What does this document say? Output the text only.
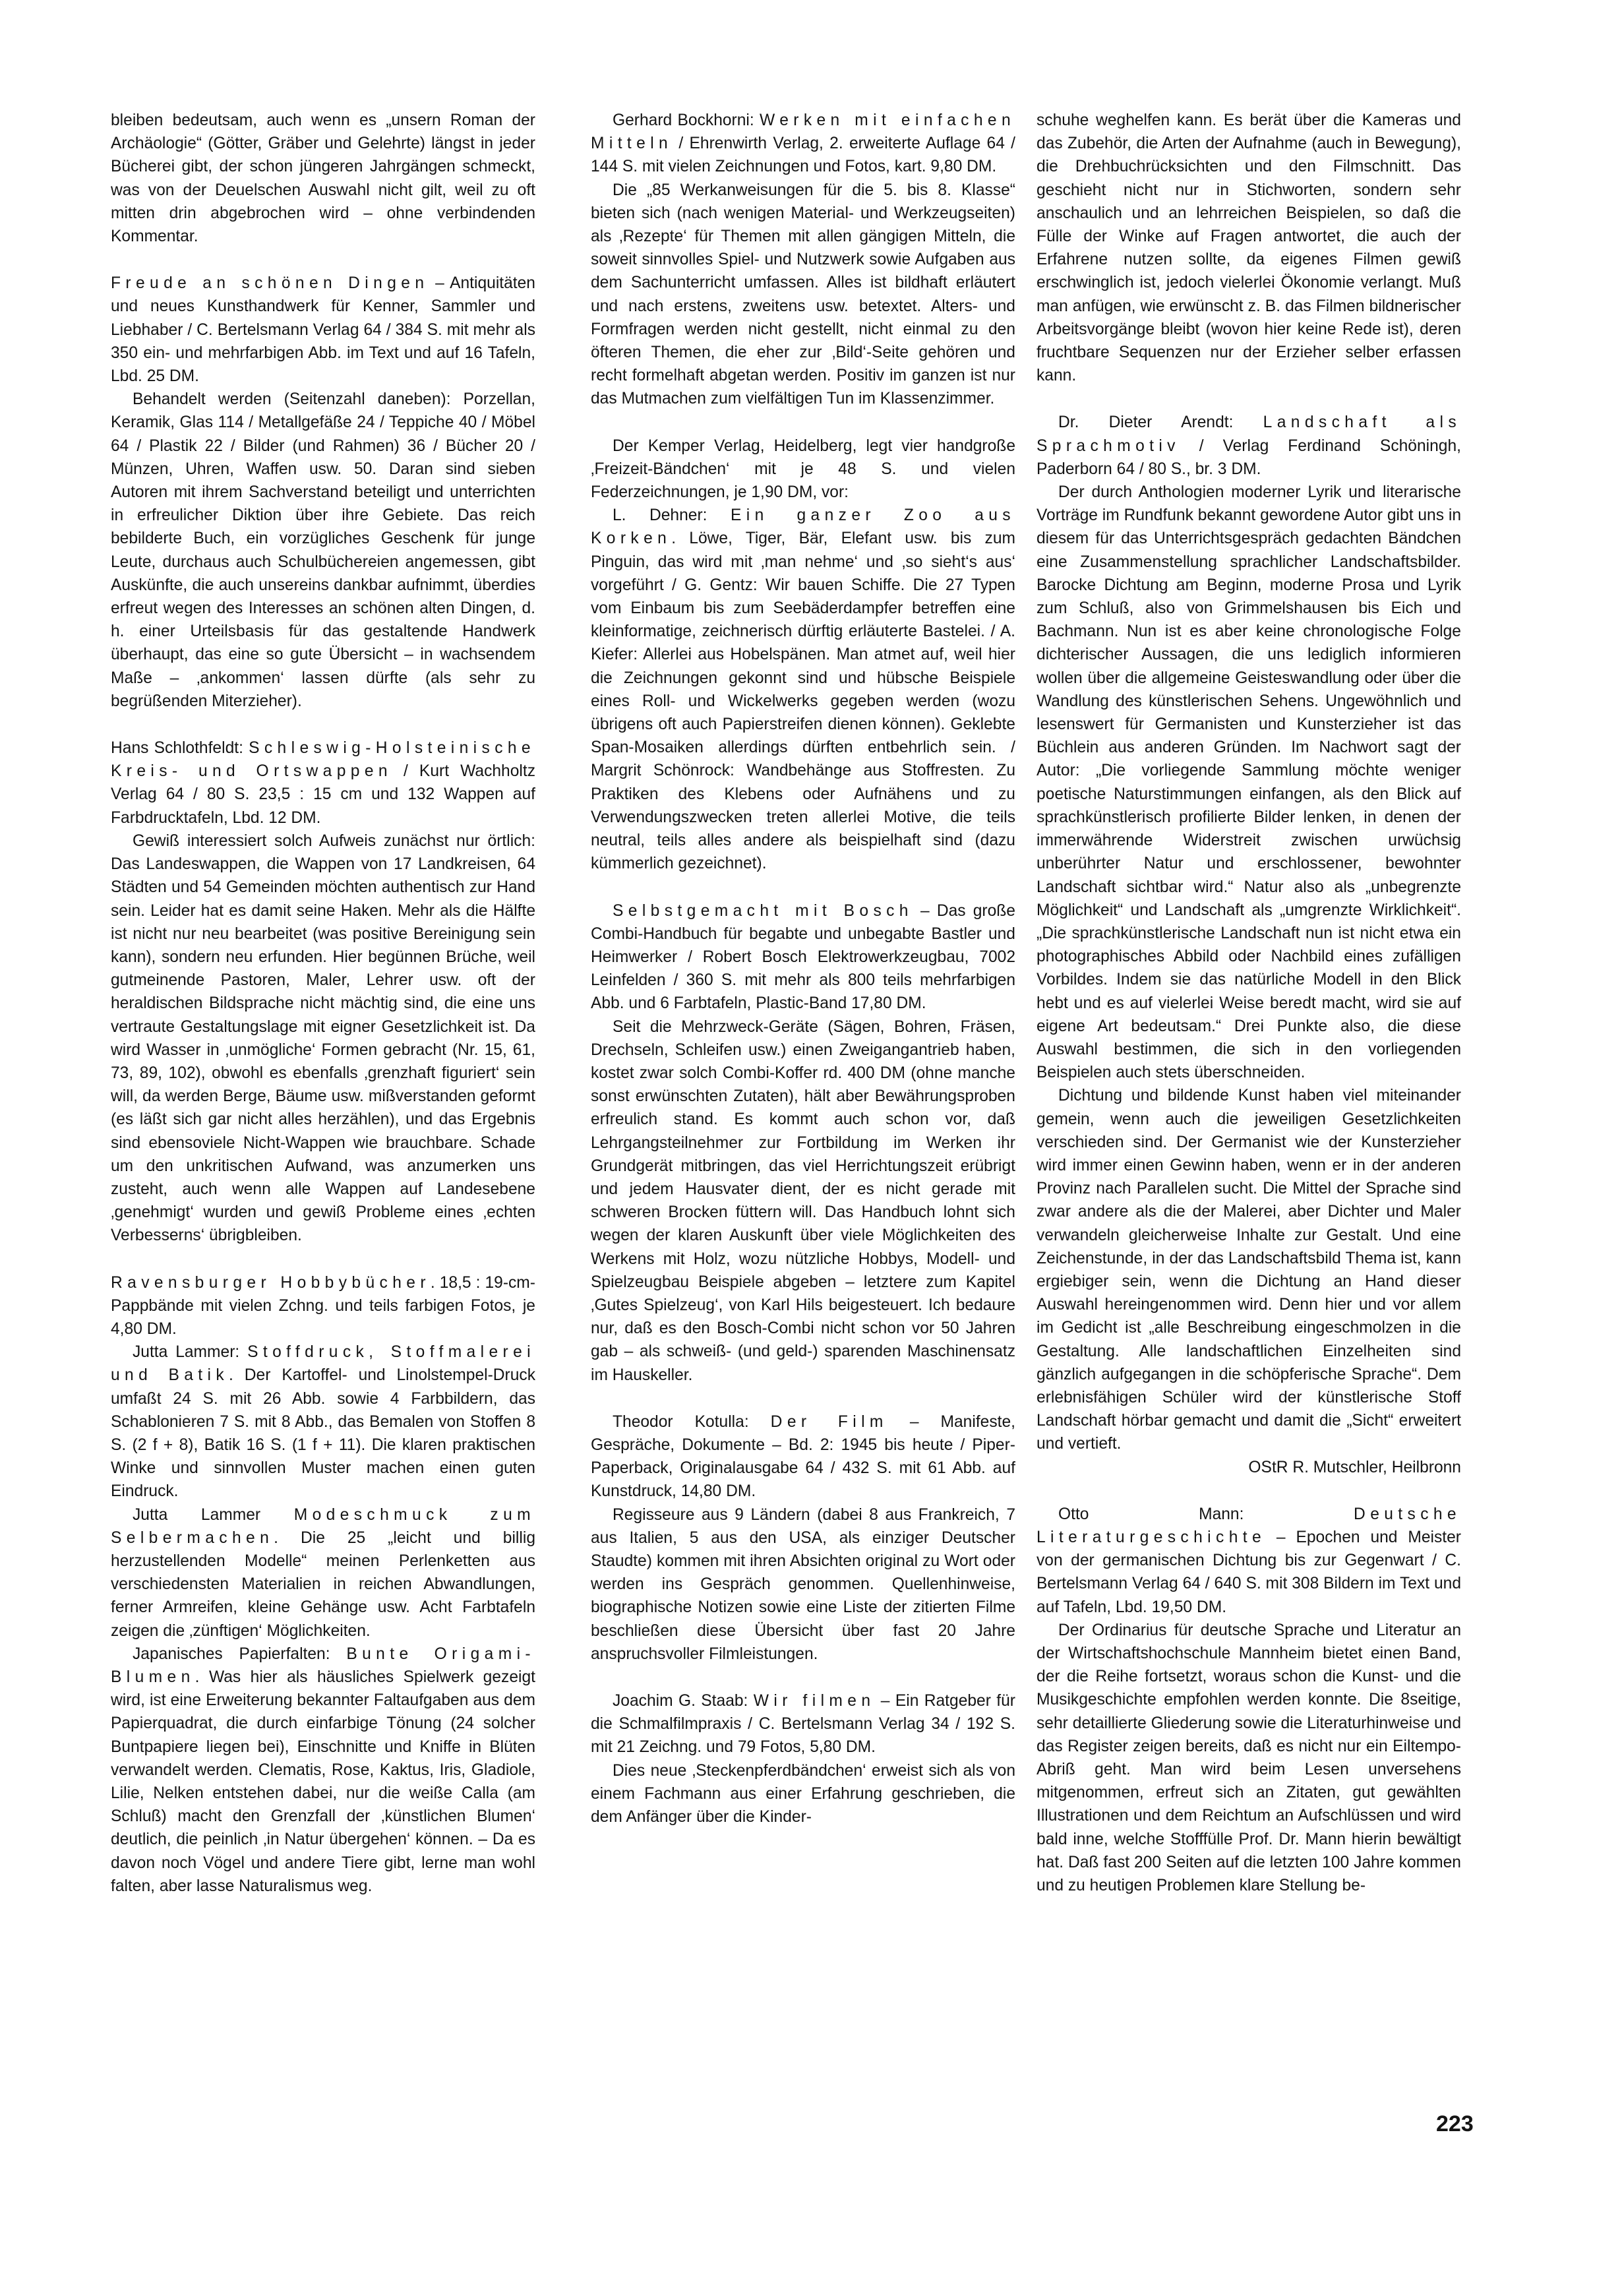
bleiben bedeutsam, auch wenn es „unsern Roman der Archäologie“ (Götter, Gräber und Gelehrte) längst in jeder Bücherei gibt, der schon jüngeren Jahrgängen schmeckt, was von der Deuelschen Auswahl nicht gilt, weil zu oft mitten drin abgebrochen wird – ohne verbindenden Kommentar.

Freude an schönen Dingen – Antiquitäten und neues Kunsthandwerk für Kenner, Sammler und Liebhaber / C. Bertelsmann Verlag 64 / 384 S. mit mehr als 350 ein- und mehrfarbigen Abb. im Text und auf 16 Tafeln, Lbd. 25 DM.

Behandelt werden (Seitenzahl daneben): Porzellan, Keramik, Glas 114 / Metallgefäße 24 / Teppiche 40 / Möbel 64 / Plastik 22 / Bilder (und Rahmen) 36 / Bücher 20 / Münzen, Uhren, Waffen usw. 50. Daran sind sieben Autoren mit ihrem Sachverstand beteiligt und unterrichten in erfreulicher Diktion über ihre Gebiete. Das reich bebilderte Buch, ein vorzügliches Geschenk für junge Leute, durchaus auch Schulbüchereien angemessen, gibt Auskünfte, die auch unsereins dankbar aufnimmt, überdies erfreut wegen des Interesses an schönen alten Dingen, d. h. einer Urteilsbasis für das gestaltende Handwerk überhaupt, das eine so gute Übersicht – in wachsendem Maße – ‚ankommen‘ lassen dürfte (als sehr zu begrüßenden Miterzieher).

Hans Schlothfeldt: Schleswig-Holsteinische Kreis- und Ortswappen / Kurt Wachholtz Verlag 64 / 80 S. 23,5 : 15 cm und 132 Wappen auf Farbdrucktafeln, Lbd. 12 DM.

Gewiß interessiert solch Aufweis zunächst nur örtlich: Das Landeswappen, die Wappen von 17 Landkreisen, 64 Städten und 54 Gemeinden möchten authentisch zur Hand sein. Leider hat es damit seine Haken. Mehr als die Hälfte ist nicht nur neu bearbeitet (was positive Bereinigung sein kann), sondern neu erfunden. Hier begünnen Brüche, weil gutmeinende Pastoren, Maler, Lehrer usw. oft der heraldischen Bildsprache nicht mächtig sind, die eine uns vertraute Gestaltungslage mit eigner Gesetzlichkeit ist. Da wird Wasser in ‚unmögliche‘ Formen gebracht (Nr. 15, 61, 73, 89, 102), obwohl es ebenfalls ‚grenzhaft figuriert‘ sein will, da werden Berge, Bäume usw. mißverstanden geformt (es läßt sich gar nicht alles herzählen), und das Ergebnis sind ebensoviele Nicht-Wappen wie brauchbare. Schade um den unkritischen Aufwand, was anzumerken uns zusteht, auch wenn alle Wappen auf Landesebene ‚genehmigt‘ wurden und gewiß Probleme eines ‚echten Verbesserns‘ übrigbleiben.

Ravensburger Hobbybücher. 18,5 : 19-cm-Pappbände mit vielen Zchng. und teils farbigen Fotos, je 4,80 DM.

Jutta Lammer: Stoffdruck, Stoffmalerei und Batik. Der Kartoffel- und Linolstempel-Druck umfaßt 24 S. mit 26 Abb. sowie 4 Farbbildern, das Schablonieren 7 S. mit 8 Abb., das Bemalen von Stoffen 8 S. (2 f + 8), Batik 16 S. (1 f + 11). Die klaren praktischen Winke und sinnvollen Muster machen einen guten Eindruck.

Jutta Lammer Modeschmuck zum Selbermachen. Die 25 „leicht und billig herzustellenden Modelle“ meinen Perlenketten aus verschiedensten Materialien in reichen Abwandlungen, ferner Armreifen, kleine Gehänge usw. Acht Farbtafeln zeigen die ‚zünftigen‘ Möglichkeiten.

Japanisches Papierfalten: Bunte Origami-Blumen. Was hier als häusliches Spielwerk gezeigt wird, ist eine Erweiterung bekannter Faltaufgaben aus dem Papierquadrat, die durch einfarbige Tönung (24 solcher Buntpapiere liegen bei), Einschnitte und Kniffe in Blüten verwandelt werden. Clematis, Rose, Kaktus, Iris, Gladiole, Lilie, Nelken entstehen dabei, nur die weiße Calla (am Schluß) macht den Grenzfall der ‚künstlichen Blumen‘ deutlich, die peinlich ‚in Natur übergehen‘ können. – Da es davon noch Vögel und andere Tiere gibt, lerne man wohl falten, aber lasse Naturalismus weg.

Gerhard Bockhorni: Werken mit einfachen Mitteln / Ehrenwirth Verlag, 2. erweiterte Auflage 64 / 144 S. mit vielen Zeichnungen und Fotos, kart. 9,80 DM.

Die „85 Werkanweisungen für die 5. bis 8. Klasse“ bieten sich (nach wenigen Material- und Werkzeugseiten) als ‚Rezepte‘ für Themen mit allen gängigen Mitteln, die soweit sinnvolles Spiel- und Nutzwerk sowie Aufgaben aus dem Sachunterricht umfassen. Alles ist bildhaft erläutert und nach erstens, zweitens usw. betextet. Alters- und Formfragen werden nicht gestellt, nicht einmal zu den öfteren Themen, die eher zur ‚Bild‘-Seite gehören und recht formelhaft abgetan werden. Positiv im ganzen ist nur das Mutmachen zum vielfältigen Tun im Klassenzimmer.

Der Kemper Verlag, Heidelberg, legt vier handgroße ‚Freizeit-Bändchen‘ mit je 48 S. und vielen Federzeichnungen, je 1,90 DM, vor:

L. Dehner: Ein ganzer Zoo aus Korken. Löwe, Tiger, Bär, Elefant usw. bis zum Pinguin, das wird mit ‚man nehme‘ und ‚so sieht‘s aus‘ vorgeführt / G. Gentz: Wir bauen Schiffe. Die 27 Typen vom Einbaum bis zum Seebäderdampfer betreffen eine kleinformatige, zeichnerisch dürftig erläuterte Bastelei. / A. Kiefer: Allerlei aus Hobelspänen. Man atmet auf, weil hier die Zeichnungen gekonnt sind und hübsche Beispiele eines Roll- und Wickelwerks gegeben werden (wozu übrigens oft auch Papierstreifen dienen können). Geklebte Span-Mosaiken allerdings dürften entbehrlich sein. / Margrit Schönrock: Wandbehänge aus Stoffresten. Zu Praktiken des Klebens oder Aufnähens und zu Verwendungszwecken treten allerlei Motive, die teils neutral, teils alles andere als beispielhaft sind (dazu kümmerlich gezeichnet).

Selbstgemacht mit Bosch – Das große Combi-Handbuch für begabte und unbegabte Bastler und Heimwerker / Robert Bosch Elektrowerkzeugbau, 7002 Leinfelden / 360 S. mit mehr als 800 teils mehrfarbigen Abb. und 6 Farbtafeln, Plastic-Band 17,80 DM.

Seit die Mehrzweck-Geräte (Sägen, Bohren, Fräsen, Drechseln, Schleifen usw.) einen Zweigangantrieb haben, kostet zwar solch Combi-Koffer rd. 400 DM (ohne manche sonst erwünschten Zutaten), hält aber Bewährungsproben erfreulich stand. Es kommt auch schon vor, daß Lehrgangsteilnehmer zur Fortbildung im Werken ihr Grundgerät mitbringen, das viel Herrichtungszeit erübrigt und jedem Hausvater dient, der es nicht gerade mit schweren Brocken füttern will. Das Handbuch lohnt sich wegen der klaren Auskunft über viele Möglichkeiten des Werkens mit Holz, wozu nützliche Hobbys, Modell- und Spielzeugbau Beispiele abgeben – letztere zum Kapitel ‚Gutes Spielzeug‘, von Karl Hils beigesteuert. Ich bedaure nur, daß es den Bosch-Combi nicht schon vor 50 Jahren gab – als schweiß- (und geld-) sparenden Maschinensatz im Hauskeller.

Theodor Kotulla: Der Film – Manifeste, Gespräche, Dokumente – Bd. 2: 1945 bis heute / Piper-Paperback, Originalausgabe 64 / 432 S. mit 61 Abb. auf Kunstdruck, 14,80 DM.

Regisseure aus 9 Ländern (dabei 8 aus Frankreich, 7 aus Italien, 5 aus den USA, als einziger Deutscher Staudte) kommen mit ihren Absichten original zu Wort oder werden ins Gespräch genommen. Quellenhinweise, biographische Notizen sowie eine Liste der zitierten Filme beschließen diese Übersicht über fast 20 Jahre anspruchsvoller Filmleistungen.

Joachim G. Staab: Wir filmen – Ein Ratgeber für die Schmalfilmpraxis / C. Bertelsmann Verlag 34 / 192 S. mit 21 Zeichng. und 79 Fotos, 5,80 DM.

Dies neue ‚Steckenpferdbändchen‘ erweist sich als von einem Fachmann aus einer Erfahrung geschrieben, die dem Anfänger über die Kinder-

schuhe weghelfen kann. Es berät über die Kameras und das Zubehör, die Arten der Aufnahme (auch in Bewegung), die Drehbuchrücksichten und den Filmschnitt. Das geschieht nicht nur in Stichworten, sondern sehr anschaulich und an lehrreichen Beispielen, so daß die Fülle der Winke auf Fragen antwortet, die auch der Erfahrene nutzen sollte, da eigenes Filmen gewiß erschwinglich ist, jedoch vielerlei Ökonomie verlangt. Muß man anfügen, wie erwünscht z. B. das Filmen bildnerischer Arbeitsvorgänge bleibt (wovon hier keine Rede ist), deren fruchtbare Sequenzen nur der Erzieher selber erfassen kann.

Dr. Dieter Arendt: Landschaft als Sprachmotiv / Verlag Ferdinand Schöningh, Paderborn 64 / 80 S., br. 3 DM.

Der durch Anthologien moderner Lyrik und literarische Vorträge im Rundfunk bekannt gewordene Autor gibt uns in diesem für das Unterrichtsgespräch gedachten Bändchen eine Zusammenstellung sprachlicher Landschaftsbilder. Barocke Dichtung am Beginn, moderne Prosa und Lyrik zum Schluß, also von Grimmelshausen bis Eich und Bachmann. Nun ist es aber keine chronologische Folge dichterischer Aussagen, die uns lediglich informieren wollen über die allgemeine Geisteswandlung oder über die Wandlung des künstlerischen Sehens. Ungewöhnlich und lesenswert für Germanisten und Kunsterzieher ist das Büchlein aus anderen Gründen. Im Nachwort sagt der Autor: „Die vorliegende Sammlung möchte weniger poetische Naturstimmungen einfangen, als den Blick auf sprachkünstlerisch profilierte Bilder lenken, in denen der immerwährende Widerstreit zwischen urwüchsig unberührter Natur und erschlossener, bewohnter Landschaft sichtbar wird.“ Natur also als „unbegrenzte Möglichkeit“ und Landschaft als „umgrenzte Wirklichkeit“. „Die sprachkünstlerische Landschaft nun ist nicht etwa ein photographisches Abbild oder Nachbild eines zufälligen Vorbildes. Indem sie das natürliche Modell in den Blick hebt und es auf vielerlei Weise beredt macht, wird sie auf eigene Art bedeutsam.“ Drei Punkte also, die diese Auswahl bestimmen, die sich in den vorliegenden Beispielen auch stets überschneiden.

Dichtung und bildende Kunst haben viel miteinander gemein, wenn auch die jeweiligen Gesetzlichkeiten verschieden sind. Der Germanist wie der Kunsterzieher wird immer einen Gewinn haben, wenn er in der anderen Provinz nach Parallelen sucht. Die Mittel der Sprache sind zwar andere als die der Malerei, aber Dichter und Maler verwandeln gleicherweise Inhalte zur Gestalt. Und eine Zeichenstunde, in der das Landschaftsbild Thema ist, kann ergiebiger sein, wenn die Dichtung an Hand dieser Auswahl hereingenommen wird. Denn hier und vor allem im Gedicht ist „alle Beschreibung eingeschmolzen in die Gestaltung. Alle landschaftlichen Einzelheiten sind gänzlich aufgegangen in die schöpferische Sprache“. Dem erlebnisfähigen Schüler wird der künstlerische Stoff Landschaft hörbar gemacht und damit die „Sicht“ erweitert und vertieft.

OStR R. Mutschler, Heilbronn

Otto Mann: Deutsche Literaturgeschichte – Epochen und Meister von der germanischen Dichtung bis zur Gegenwart / C. Bertelsmann Verlag 64 / 640 S. mit 308 Bildern im Text und auf Tafeln, Lbd. 19,50 DM.

Der Ordinarius für deutsche Sprache und Literatur an der Wirtschaftshochschule Mannheim bietet einen Band, der die Reihe fortsetzt, woraus schon die Kunst- und die Musikgeschichte empfohlen werden konnte. Die 8seitige, sehr detaillierte Gliederung sowie die Literaturhinweise und das Register zeigen bereits, daß es nicht nur ein Eiltempo-Abriß geht. Man wird beim Lesen unversehens mitgenommen, erfreut sich an Zitaten, gut gewählten Illustrationen und dem Reichtum an Aufschlüssen und wird bald inne, welche Stofffülle Prof. Dr. Mann hierin bewältigt hat. Daß fast 200 Seiten auf die letzten 100 Jahre kommen und zu heutigen Problemen klare Stellung be-

223
